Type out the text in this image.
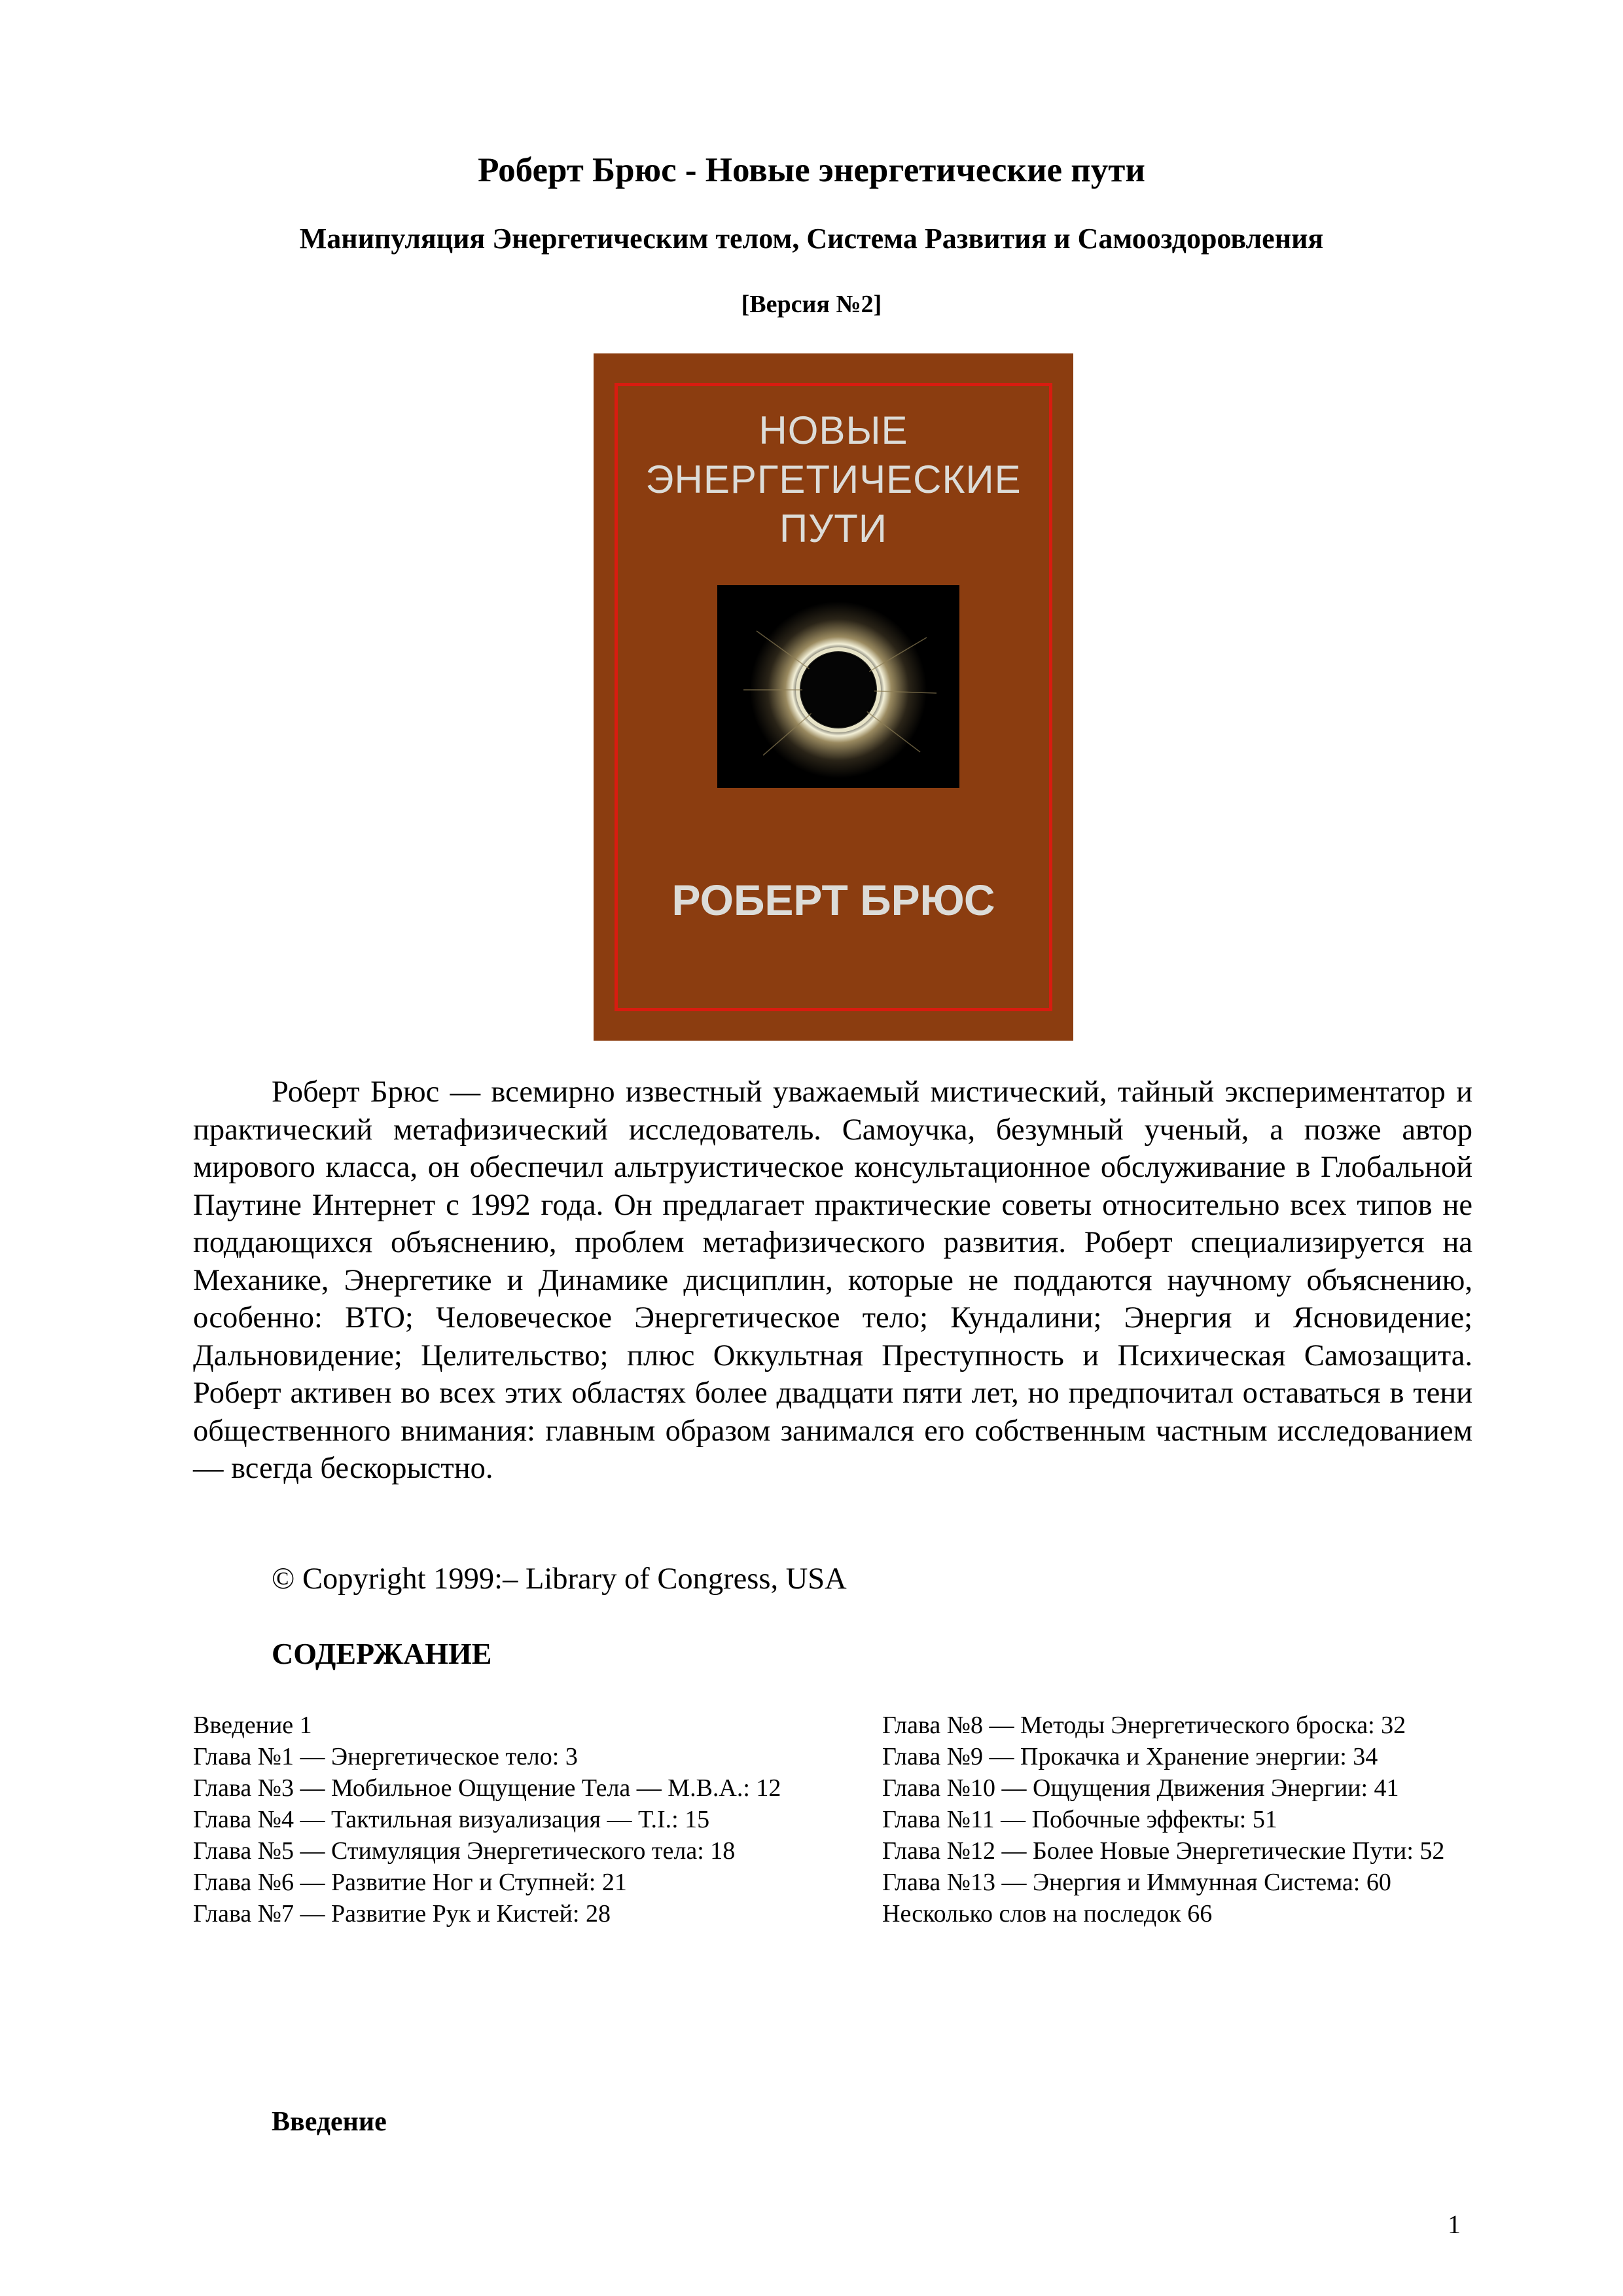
Роберт Брюс - Новые энергетические пути
Манипуляция Энергетическим телом, Система Развития и Самооздоровления
[Версия №2]
НОВЫЕ
ЭНЕРГЕТИЧЕСКИЕ
ПУТИ
РОБЕРТ БРЮС

Роберт Брюс — всемирно известный уважаемый мистический, тайный экспериментатор и практический метафизический исследователь. Самоучка, безумный ученый, а позже автор мирового класса, он обеспечил альтруистическое консультационное обслуживание в Глобальной Паутине Интернет с 1992 года. Он предлагает практические советы относительно всех типов не поддающихся объяснению, проблем метафизического развития. Роберт специализируется на Механике, Энергетике и Динамике дисциплин, которые не поддаются научному объяснению, особенно: ВТО; Человеческое Энергетическое тело; Кундалини; Энергия и Ясновидение; Дальновидение; Целительство; плюс Оккультная Преступность и Психическая Самозащита. Роберт активен во всех этих областях более двадцати пяти лет, но предпочитал оставаться в тени общественного внимания: главным образом занимался его собственным частным исследованием — всегда бескорыстно.

© Copyright 1999:– Library of Congress, USA
СОДЕРЖАНИЕ
Введение 1
Глава №1 — Энергетическое тело: 3
Глава №3 — Мобильное Ощущение Тела — М.В.А.: 12
Глава №4 — Тактильная визуализация — Т.І.: 15
Глава №5 — Стимуляция Энергетического тела: 18
Глава №6 — Развитие Ног и Ступней: 21
Глава №7 — Развитие Рук и Кистей: 28
Глава №8 — Методы Энергетического броска: 32
Глава №9 — Прокачка и Хранение энергии: 34
Глава №10 — Ощущения Движения Энергии: 41
Глава №11 — Побочные эффекты: 51
Глава №12 — Более Новые Энергетические Пути: 52
Глава №13 — Энергия и Иммунная Система: 60
Несколько слов на последок 66
Введение
1
